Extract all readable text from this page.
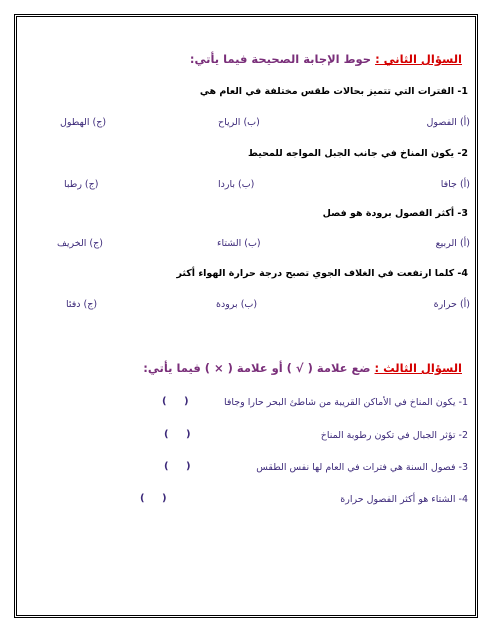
السؤال الثاني : حوط الإجابة الصحيحة فيما يأتي:
1- الفترات التي تتميز بحالات طقس مختلفة في العام هي
(أ) الفصول
(ب) الرياح
(ج) الهطول
2- يكون المناخ في جانب الجبل المواجه للمحيط
(أ) جافا
(ب) باردا
(ج) رطبا
3- أكثر الفصول برودة هو فصل
(أ) الربيع
(ب) الشتاء
(ج) الخريف
4- كلما ارتفعت في الغلاف الجوي تصبح درجة حرارة الهواء أكثر
(أ) حرارة
(ب) برودة
(ج) دفئا
السؤال الثالث : ضع علامة ( √ ) أو علامة ( × ) فيما يأتي:
1- يكون المناخ في الأماكن القريبة من شاطئ البحر حارا وجافا
(     )
2- تؤثر الجبال في تكون رطوبة المناخ
(     )
3- فصول السنة هي فترات في العام لها نفس الطقس
(     )
4- الشتاء هو أكثر الفصول حرارة
(     )
